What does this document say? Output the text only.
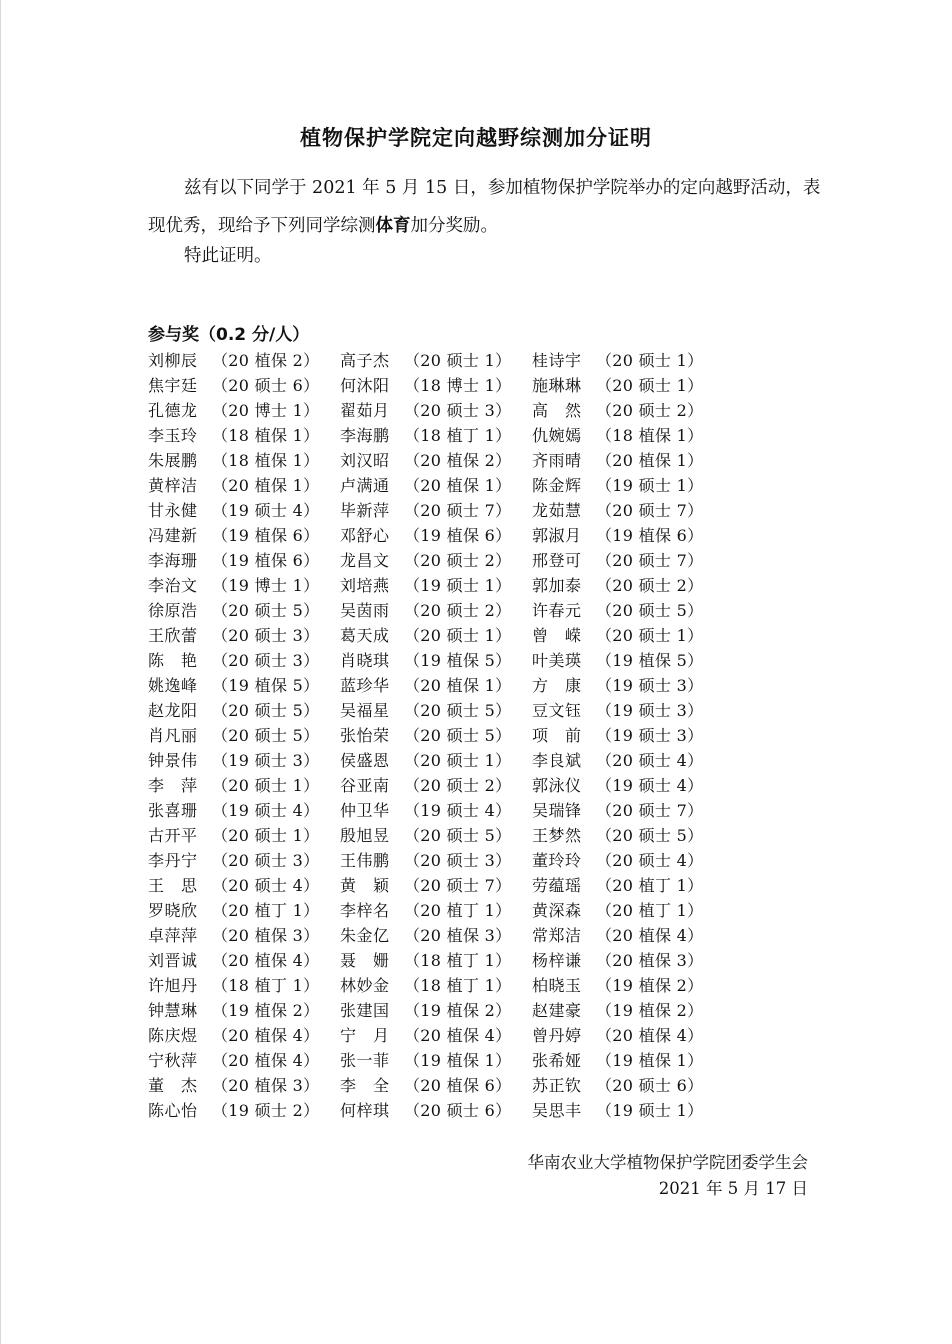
植物保护学院定向越野综测加分证明
兹有以下同学于 2021 年 5 月 15 日，参加植物保护学院举办的定向越野活动，表现优秀，现给予下列同学综测体育加分奖励。
特此证明。
参与奖（0.2 分/人）
刘柳辰 （20 植保 2） 高子杰 （20 硕士 1） 桂诗宇 （20 硕士 1）
焦宇廷 （20 硕士 6） 何沐阳 （18 博士 1） 施琳琳 （20 硕士 1）
孔德龙 （20 博士 1） 翟茹月 （20 硕士 3） 高　然 （20 硕士 2）
李玉玲 （18 植保 1） 李海鹏 （18 植丁 1） 仇婉嫣 （18 植保 1）
朱展鹏 （18 植保 1） 刘汉昭 （20 植保 2） 齐雨晴 （20 植保 1）
黄梓洁 （20 植保 1） 卢满通 （20 植保 1） 陈金辉 （19 硕士 1）
甘永健 （19 硕士 4） 毕新萍 （20 硕士 7） 龙茹慧 （20 硕士 7）
冯建新 （19 植保 6） 邓舒心 （19 植保 6） 郭淑月 （19 植保 6）
李海珊 （19 植保 6） 龙昌文 （20 硕士 2） 邢登可 （20 硕士 7）
李治文 （19 博士 1） 刘培燕 （19 硕士 1） 郭加泰 （20 硕士 2）
徐原浩 （20 硕士 5） 吴茵雨 （20 硕士 2） 许春元 （20 硕士 5）
王欣蕾 （20 硕士 3） 葛天成 （20 硕士 1） 曾　嵘 （20 硕士 1）
陈　艳 （20 硕士 3） 肖晓琪 （19 植保 5） 叶美瑛 （19 植保 5）
姚逸峰 （19 植保 5） 蓝珍华 （20 植保 1） 方　康 （19 硕士 3）
赵龙阳 （20 硕士 5） 吴福星 （20 硕士 5） 豆文钰 （19 硕士 3）
肖凡丽 （20 硕士 5） 张怡荣 （20 硕士 5） 项　前 （19 硕士 3）
钟景伟 （19 硕士 3） 侯盛恩 （20 硕士 1） 李良斌 （20 硕士 4）
李　萍 （20 硕士 1） 谷亚南 （20 硕士 2） 郭泳仪 （19 硕士 4）
张喜珊 （19 硕士 4） 仲卫华 （19 硕士 4） 吴瑞锋 （20 硕士 7）
古开平 （20 硕士 1） 殷旭昱 （20 硕士 5） 王梦然 （20 硕士 5）
李丹宁 （20 硕士 3） 王伟鹏 （20 硕士 3） 董玲玲 （20 硕士 4）
王　思 （20 硕士 4） 黄　颖 （20 硕士 7） 劳蕴瑶 （20 植丁 1）
罗晓欣 （20 植丁 1） 李梓名 （20 植丁 1） 黄深森 （20 植丁 1）
卓萍萍 （20 植保 3） 朱金亿 （20 植保 3） 常郑洁 （20 植保 4）
刘晋诚 （20 植保 4） 聂　姗 （18 植丁 1） 杨梓谦 （20 植保 3）
许旭丹 （18 植丁 1） 林妙金 （18 植丁 1） 柏晓玉 （19 植保 2）
钟慧琳 （19 植保 2） 张建国 （19 植保 2） 赵建豪 （19 植保 2）
陈庆煜 （20 植保 4） 宁　月 （20 植保 4） 曾丹婷 （20 植保 4）
宁秋萍 （20 植保 4） 张一菲 （19 植保 1） 张希娅 （19 植保 1）
董　杰 （20 植保 3） 李　全 （20 植保 6） 苏正钦 （20 硕士 6）
陈心怡 （19 硕士 2） 何梓琪 （20 硕士 6） 吴思丰 （19 硕士 1）
华南农业大学植物保护学院团委学生会
2021 年 5 月 17 日
